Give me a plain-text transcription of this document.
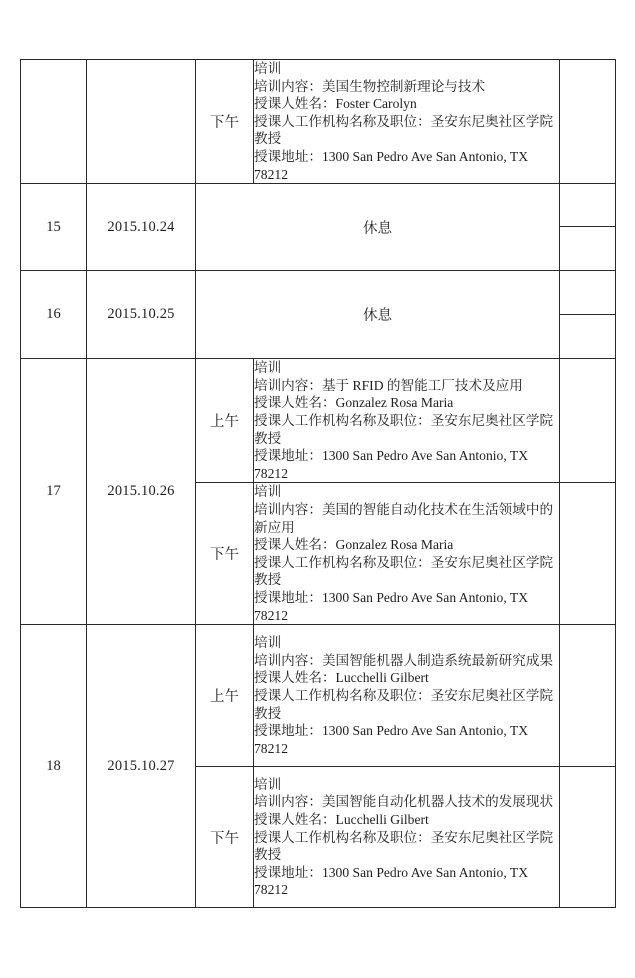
		下午	培训
培训内容：美国生物控制新理论与技术
授课人姓名：Foster Carolyn
授课人工作机构名称及职位：圣安东尼奥社区学院 教授
授课地址：1300 San Pedro Ave San Antonio, TX 78212	

15	2015.10.24	休息		

16	2015.10.25	休息		

17	2015.10.26	上午	培训
培训内容：基于 RFID 的智能工厂技术及应用
授课人姓名：Gonzalez Rosa Maria
授课人工作机构名称及职位：圣安东尼奥社区学院 教授
授课地址：1300 San Pedro Ave San Antonio, TX 78212	

		下午	培训
培训内容：美国的智能自动化技术在生活领域中的新应用
授课人姓名：Gonzalez Rosa Maria
授课人工作机构名称及职位：圣安东尼奥社区学院 教授
授课地址：1300 San Pedro Ave San Antonio, TX 78212	

18	2015.10.27	上午	培训
培训内容：美国智能机器人制造系统最新研究成果
授课人姓名：Lucchelli Gilbert
授课人工作机构名称及职位：圣安东尼奥社区学院 教授
授课地址：1300 San Pedro Ave San Antonio, TX 78212	

		下午	培训
培训内容：美国智能自动化机器人技术的发展现状
授课人姓名：Lucchelli Gilbert
授课人工作机构名称及职位：圣安东尼奥社区学院 教授
授课地址：1300 San Pedro Ave San Antonio, TX 78212	
